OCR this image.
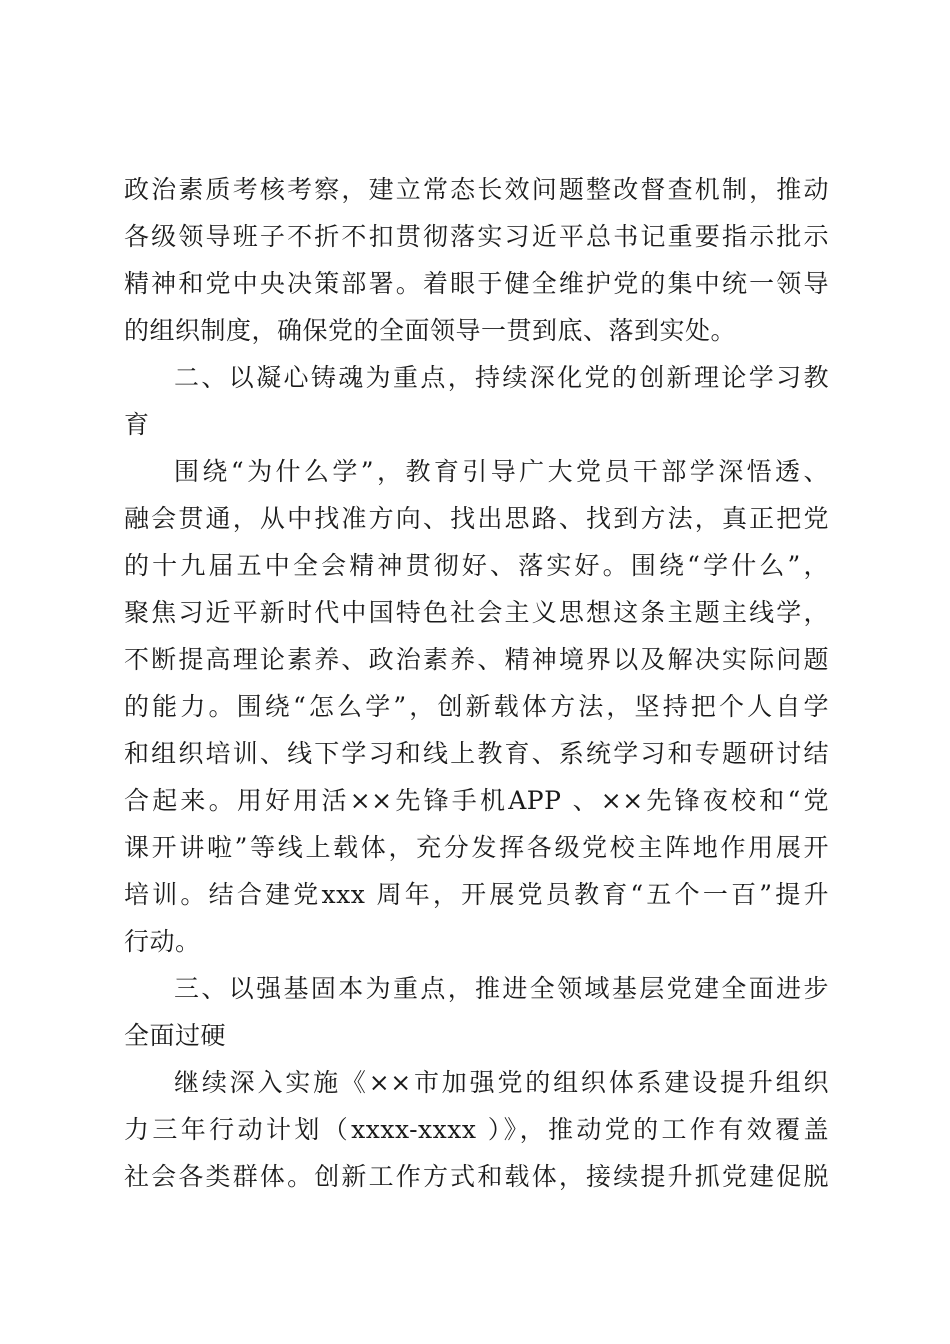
政治素质考核考察，建立常态长效问题整改督查机制，推动
各级领导班子不折不扣贯彻落实习近平总书记重要指示批示
精神和党中央决策部署。着眼于健全维护党的集中统一领导
的组织制度，确保党的全面领导一贯到底、落到实处。
二、以凝心铸魂为重点，持续深化党的创新理论学习教
育
围绕“为什么学”，教育引导广大党员干部学深悟透、
融会贯通，从中找准方向、找出思路、找到方法，真正把党
的十九届五中全会精神贯彻好、落实好。围绕“学什么”，
聚焦习近平新时代中国特色社会主义思想这条主题主线学，
不断提高理论素养、政治素养、精神境界以及解决实际问题
的能力。围绕“怎么学”，创新载体方法，坚持把个人自学
和组织培训、线下学习和线上教育、系统学习和专题研讨结
合起来。用好用活××先锋手机APP 、××先锋夜校和“党
课开讲啦”等线上载体，充分发挥各级党校主阵地作用展开
培训。结合建党xxx 周年，开展党员教育“五个一百”提升
行动。
三、以强基固本为重点，推进全领域基层党建全面进步
全面过硬
继续深入实施《××市加强党的组织体系建设提升组织
力三年行动计划（xxxx-xxxx ）》，推动党的工作有效覆盖
社会各类群体。创新工作方式和载体，接续提升抓党建促脱
